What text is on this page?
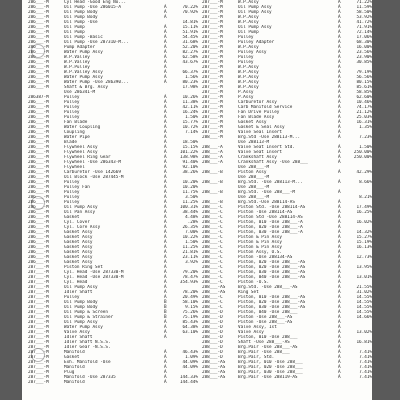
286___-M	Cyl Head -Good Eng No...
286___-M	Oil Pump -Use 286015-A	A	70.22%
286___-M	Oil Pump Body	A	70.92%
286___-M	Oil Pump Body	A
286___-M	Oil Pump -Use	14.81%
286___-M	Oil Pump	A	15.11%
286___-M	Oil Pump	A	51.91%
286___-M	Oil Pump -Basic	A	54.45%
286___-M	Oil Pump -Use 287310-M...	A	31.68%
286___-M	Pump Adapter	A	52.20%
286___-M	Water Pump Assy	A	82.27%
286___-M	W.P.Valley	A	62.58%
286___-M	W.P.Valley	A	43.67%
286___-M	W.P.Pulley	A
286___-M	W.P.Valley Assy	A	66.37%
286___-M	Water Pump Assy	A	1.56%
286___-M	Water Pump -Use 286390...	A	80.23%
286___-M	Shaft & Brg. Assy	17.98%
Use 286341-M
286387-M	Pulley	A	10.26%
286___-M	Pulley	A	11.38%
286___-M	Pulley	A	42.11%
286___-M	Pulley	A	16.24%
286___-M	Pulley	A	1.50%
286___-M	Fan Blade	A	15.77%
286___-M	Water Coupling	A	10.72%
286___-M	Coupling	A	7.14%
286___-M	Water Pipe	A
286___-M	Blade	A	18.50%
286___-M	Flywheel Assy	A	15.15%
286___-M	Flywheel Assy	A	101.22%
286___-M	Flywheel Ring Gear	A	138.98%
286___-M	Flywheel -Use 286343-M	A	91.40%
286___-M	Flywheel	A	92.10%
286___-M	Carburetor -Use 142669	A	38.26%
286___-M	Oil Block -Use 287445-M	A
286___-M	Pulley	A	10.20%
286___-M	Pulley Fan	A	10.20%
286___-M	Pulley	A	11.75%
286___-M	Pulley	A	3.50%
286___-M	Pulley	A	11.25%
286___-M	Oil Pump Assy	A	100.31%
286___-M	Oil Pan Assy	A	38.44%
286___-M	Gasket	A	4.48%
286___-M	Cyl. Cover	A	.28%
286___-M	Cyl. Core Assy	A	26.35%
286___-M	Gasket Assy	A	7.00%
286___-M	Gasket Assy	A	10.22%
286___-M	Gasket Assy	A	1.50%
286___-M	Gasket Assy	A	11.25%
286___-M	Gasket Assy	A	21.81%
286___-M	Gasket Assy	A	23.11%
286___-M	Gasket Assy	A	3.92%
287___-M	Piston Ring Set	A
287___-M	Cyl. Head -Use 287330-M	A	79.20%
287___-M	Cyl. Head -Use 287330-M	A	78.47%
287___-M	Cyl. Head	A	354.93%
287___-M	Oil Pump Assy	A
287___-M	Idler Shaft	A	78.20%
287___-M	Pulley	A	20.49%
287___-M	Oil Pump Body	B	58.10%
287___-M	Oil Pump Body	B	9.15%
287___-M	Oil Pump & Screen	B	75.26%
287___-M	Oil Pump & Strainer	B	75.19%
287___-M	Oil Pump Assy	A	85.43%
287___-M	Water Pump Assy	A	64.38%
287___-M	Valve Assy	A	63.10%
287___-M	Idler Shaft	A
287___-M	Idler Shaft N.S.S.
287___-M	Idler Gear -N.S.S.
287___-M	Manifold	A	46.43%
287___-M	Gasket	A	1.09%
287___-M	Exh. Manifold -Use	A	44.09%
287___-M	Manifold	A	44.09%
287___-M	Plug	A
287___-M	Manifold -Use 287335	A	144.33%
287___-M	Manifold	A	144.44%
287___-M	W.P.Assy	A	71.22%
287___-M	Oil Pump Assy	A	11.59%
287___-M	Oil Pump Assy	A	58.50%
287___-M	W.P.Assy	A	53.92%
287___-M	W.P.Assy	A	41.72%
287___-M	Oil Pump Assy	A	71.91%
287___-M	Oil Pump	A	72.14%
287___-M	Pulley	A	17.06%
287___-M	Pulley Adapter	A	68.30%
287___-M	W.P.Assy	A	16.00%
287___-M	Pulley Assy	A	23.56%
287___-M	Pulley	A	23.90%
287___-M	Pulley	A	30.85%
287___-M	W.P.Assy	A
287___-M	W.P.Assy	A	79.19%
287___-M	W.P.Assy	A	56.56%
287___-M	W.P.Assy	A	80.15%
287___-M	W.P.Assy	A	85.61%
287___-M	P.Assy	A	58.85%
287___-M	P.Assy	A	62.60%
287___-M	Carburetor Assy	A	10.46%
287___-M	Carb Manifold Service	A	74.17%
287___-M	Fan Drive Pulley	A	21.12%
287___-M	Fan Blade Assy	A	25.03%
287___-M	Gasket Assy	A	16.31%
287___-M	Gasket & Seal Assy	A	1.35%
287___-M	Valve Seal Insert	A
288___-M	Brg.Std -Use 288113-M...	A	7.23%
Use 288113-M
288___-A	Valve Seat Insert Std.	A	1.50%
288___-A	Valve Seat Insert	A	250.00%
288___-A	Crankshaft Assy	A	250.00%
288___-A	Crankshaft Assy -Use 288___	A
Use 288___-M
288___-B	Piston Assy	A	42.29%
Use 288___-M
288___-B	Brg.Std. -Use 288113-M...	A	8.66%
Use 288___-M
288___-B	Brg.Std. -Use 288___-M	A
Use 288___-M	8.21%
288___-B	Brg.Std.-Use 288114-AS	A
288___-C	Piston Std. -Use 288114-AS	A	17.49%
288___-C	Piston -Use 288114-AS	A	16.25%
288___-C	Piston Std -Use 288114-AS	A
288___-C	Piston, 010 -Use 288___-A	A	16.02%
288___-C	Piston, 020 -Use 288___-A	A
288___-C	Piston, 030 -Use 288___-A	A	14.32%
288___-C	Piston & Pin Assy	A	15.27%
288___-C	Piston & Pin Assy	A	15.19%
288___-C	Piston & Pin Assy	A	16.13%
288___-C	Piston Assy, O.S.	A
288___-C	Piston -Use 288134-AS	A	12.73%
288___-C	Piston, 020 -Use 288___-AS	A
288___-C	Piston, 020 -Use 288___-AS	A	13.95%
288___-C	Piston, 030 -Use 288___-AS	A
288___-C	Piston, 040 -Use 288___-AS	A	13.01%
288___-C	Piston -O.S.	A
288___-AS	Brg.Std. -Use 288___-AS	A	21.55%
288___-AS	Ring Set	A	31.02%
288___-C	Piston, 010 -Use 288___-AS	A	14.55%
288___-C	Piston, 020 -Use 288___-AS	A	14.55%
288___-C	Piston, 030 -Use 288___-AS	A	14.55%
288___-D	Piston, 040 -Use 288___	A	14.55%
288___-D	Piston -Use 288___-AS	A	14.66%
288___-D	Piston -Use 288___-AS	A
288___-D	Valve Assy, 1st	A
288___-D	Valve Assy	A	13.02%
288___-D	Piston, 010 -Use 288___	A
288___-D	Shaft -Use 288___-AS	A	16.81%
288___-D	Brg.Pair -Use 288___-AS	A
288___-D	Brg.Pair -Use 288___	A	7.41%
288___-D	Brg.Pair, Std.	A	7.41%
288___-AS	Brg.Pair, 010 -Use 288___	A	7.41%
288___-AS	Brg.Pair, 020 -Use 288___	A	7.41%
288___-AS	Brg.Pair, 030 -Use 288___	A	7.41%
288___-AS	Brg.Pair -Use 288119-AS	A	7.41%
